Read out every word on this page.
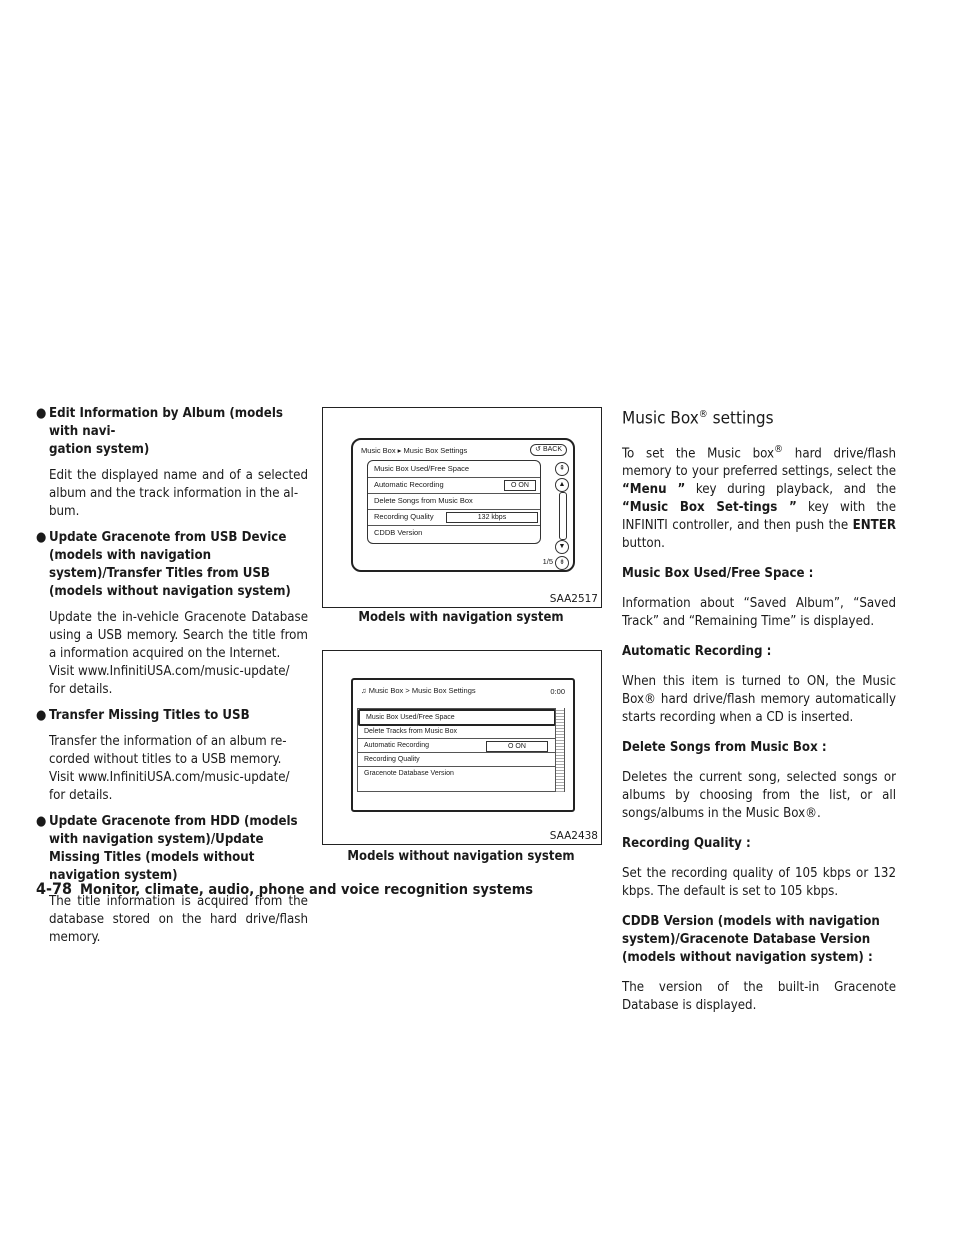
● Edit Information by Album (models with navi-
gation system)

Edit the displayed name and of a selected album and the track information in the al-
bum.

● Update Gracenote from USB Device (models with navigation system)/Transfer Titles from USB (models without navigation system)

Update the in-vehicle Gracenote Database using a USB memory. Search the title from a information acquired on the Internet.
Visit www.InfinitiUSA.com/music-update/
for details.

● Transfer Missing Titles to USB

Transfer the information of an album re-
corded without titles to a USB memory.
Visit www.InfinitiUSA.com/music-update/
for details.

● Update Gracenote from HDD (models with navigation system)/Update Missing Titles (models without navigation system)

The title information is acquired from the database stored on the hard drive/flash memory.

Music Box ▸ Music Box Settings	↺ BACK
Music Box Used/Free Space
Automatic Recording	O ON
Delete Songs from Music Box
Recording Quality	132 kbps
CDDB Version
⇞
▲
▼
⇟
1/5
SAA2517
Models with navigation system
♫ Music Box > Music Box Settings	0:00
Music Box Used/Free Space
Delete Tracks from Music Box
Automatic Recording	O ON
Recording Quality
Gracenote Database Version
SAA2438
Models without navigation system

Music Box® settings

To set the Music box® hard drive/flash memory to your preferred settings, select the “Menu ” key during playback, and the “Music Box Set-tings ” key with the INFINITI controller, and then push the ENTER button.

Music Box Used/Free Space :

Information about “Saved Album”, “Saved Track” and “Remaining Time” is displayed.

Automatic Recording :

When this item is turned to ON, the Music Box® hard drive/flash memory automatically starts recording when a CD is inserted.

Delete Songs from Music Box :

Deletes the current song, selected songs or albums by choosing from the list, or all songs/albums in the Music Box®.

Recording Quality :

Set the recording quality of 105 kbps or 132 kbps. The default is set to 105 kbps.

CDDB Version (models with navigation system)/Gracenote Database Version (models without navigation system) :

The version of the built-in Gracenote Database is displayed.

4-78 Monitor, climate, audio, phone and voice recognition systems
